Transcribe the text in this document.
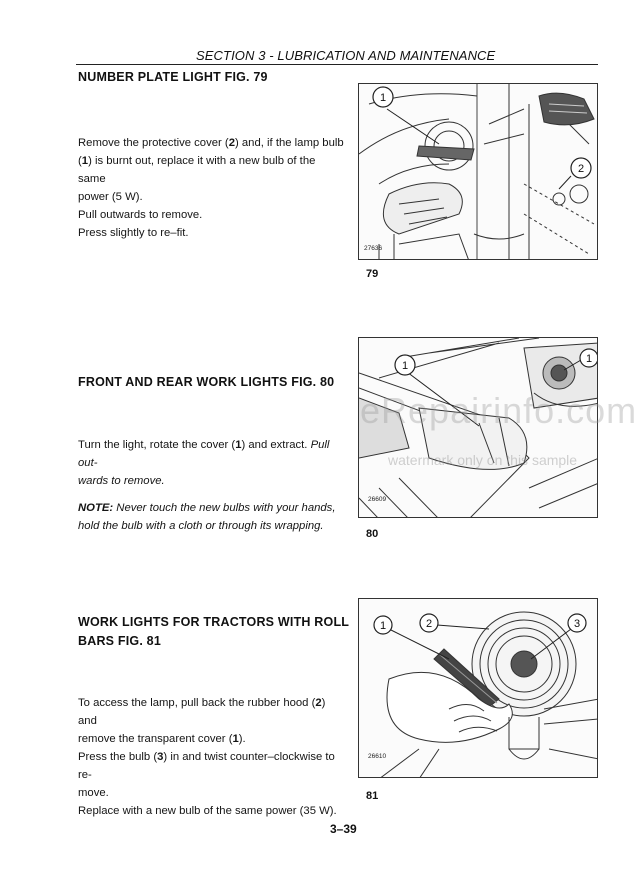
SECTION 3 - LUBRICATION AND MAINTENANCE
NUMBER PLATE LIGHT FIG. 79
Remove the protective cover (2) and, if the lamp bulb
(1) is burnt out, replace it with a new bulb of the same
power (5 W).
Pull outwards to remove.
Press slightly to re–fit.
1
2
27636
79
FRONT AND REAR WORK LIGHTS FIG. 80
Turn the light, rotate the cover (1) and extract. Pull out-
wards to remove.
NOTE: Never touch the new bulbs with your hands,
hold the bulb with a cloth or through its wrapping.
1
1
26609
80
eRepairinfo.com
watermark only on this sample
WORK LIGHTS FOR TRACTORS WITH ROLL
BARS FIG. 81
To access the lamp, pull back the rubber hood (2) and
remove the transparent cover (1).
Press the bulb (3) in and twist counter–clockwise to re-
move.
Replace with a new bulb of the same power (35 W).
1	2	3
26610
81
3–39
